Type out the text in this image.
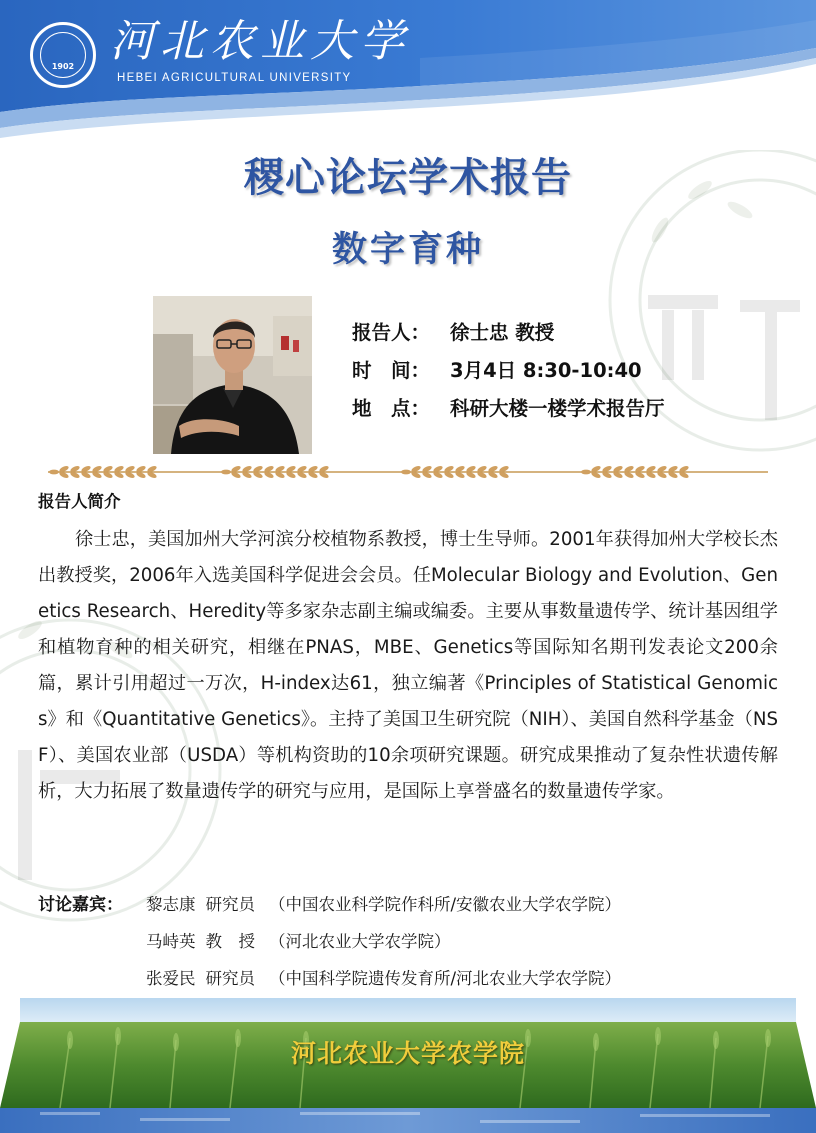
1902 河北农业大学
HEBEI AGRICULTURAL UNIVERSITY
稷心论坛学术报告
数字育种
报告人： 徐士忠 教授
时　间： 3月4日 8:30-10:40
地　点： 科研大楼一楼学术报告厅
报告人简介
徐士忠，美国加州大学河滨分校植物系教授，博士生导师。2001年获得加州大学校长杰出教授奖，2006年入选美国科学促进会会员。任Molecular Biology and Evolution、Genetics Research、Heredity等多家杂志副主编或编委。主要从事数量遗传学、统计基因组学和植物育种的相关研究，相继在PNAS，MBE、Genetics等国际知名期刊发表论文200余篇，累计引用超过一万次，H-index达61，独立编著《Principles of Statistical Genomics》和《Quantitative Genetics》。主持了美国卫生研究院（NIH）、美国自然科学基金（NSF）、美国农业部（USDA）等机构资助的10余项研究课题。研究成果推动了复杂性状遗传解析，大力拓展了数量遗传学的研究与应用，是国际上享誉盛名的数量遗传学家。
讨论嘉宾： 黎志康 研究员 （中国农业科学院作科所/安徽农业大学农学院）
马峙英 教　授 （河北农业大学农学院）
张爱民 研究员 （中国科学院遗传发育所/河北农业大学农学院）
河北农业大学农学院
